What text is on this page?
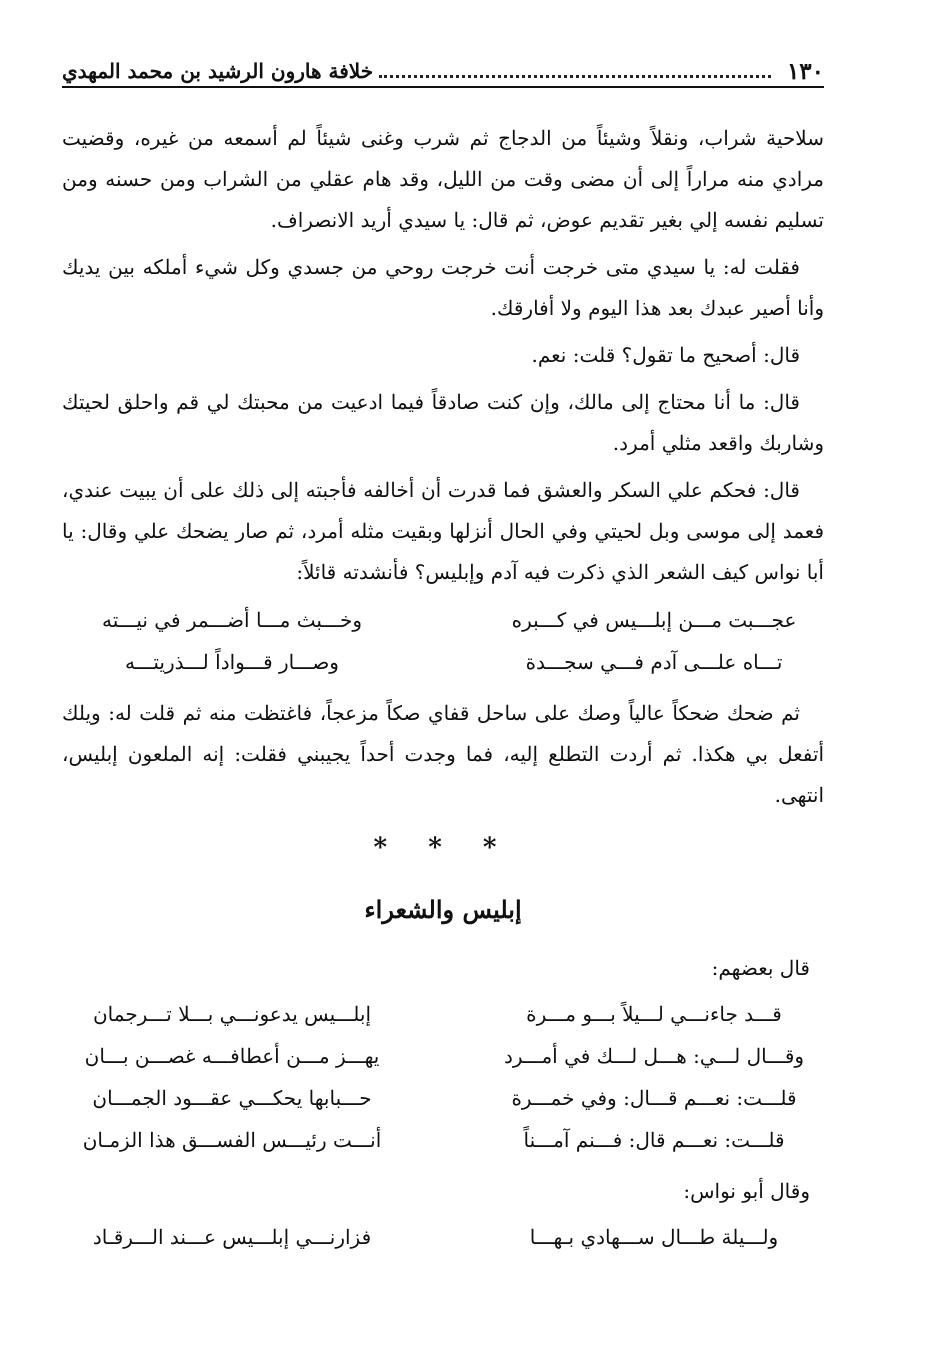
١٣٠
خلافة هارون الرشيد بن محمد المهدي

سلاحية شراب، ونقلاً وشيئاً من الدجاج ثم شرب وغنى شيئاً لم أسمعه من غيره، وقضيت مرادي منه مراراً إلى أن مضى وقت من الليل، وقد هام عقلي من الشراب ومن حسنه ومن تسليم نفسه إلي بغير تقديم عوض، ثم قال: يا سيدي أريد الانصراف.

فقلت له: يا سيدي متى خرجت أنت خرجت روحي من جسدي وكل شيء أملكه بين يديك وأنا أصير عبدك بعد هذا اليوم ولا أفارقك.

قال: أصحيح ما تقول؟ قلت: نعم.

قال: ما أنا محتاج إلى مالك، وإن كنت صادقاً فيما ادعيت من محبتك لي قم واحلق لحيتك وشاربك واقعد مثلي أمرد.

قال: فحكم علي السكر والعشق فما قدرت أن أخالفه فأجبته إلى ذلك على أن يبيت عندي، فعمد إلى موسى وبل لحيتي وفي الحال أنزلها وبقيت مثله أمرد، ثم صار يضحك علي وقال: يا أبا نواس كيف الشعر الذي ذكرت فيه آدم وإبليس؟ فأنشدته قائلاً:

عجـــبت مـــن إبلـــيس في كـــبره
وخـــبث مـــا أضـــمر في نيـــته
تـــاه علـــى آدم فـــي سجـــدة
وصـــار قـــواداً لـــذريتـــه

ثم ضحك ضحكاً عالياً وصك على ساحل قفاي صكاً مزعجاً، فاغتظت منه ثم قلت له: ويلك أتفعل بي هكذا. ثم أردت التطلع إليه، فما وجدت أحداً يجيبني فقلت: إنه الملعون إبليس، انتهى.

* * *
إبليس والشعراء

قال بعضهم:

قـــد جاءنـــي لـــيلاً بـــو مـــرة
إبلـــيس يدعونـــي بـــلا تـــرجمان
وقـــال لـــي: هـــل لـــك في أمـــرد
يهـــز مـــن أعطافـــه غصـــن بـــان
قلـــت: نعـــم قـــال: وفي خمـــرة
حـــبابها يحكـــي عقـــود الجمـــان
قلـــت: نعـــم قال: فـــنم آمـــناً
أنـــت رئيـــس الفســـق هذا الزمـان

وقال أبو نواس:

ولـــيلة طـــال ســـهادي بـهـــا
فزارنـــي إبلـــيس عـــند الـــرقـاد
